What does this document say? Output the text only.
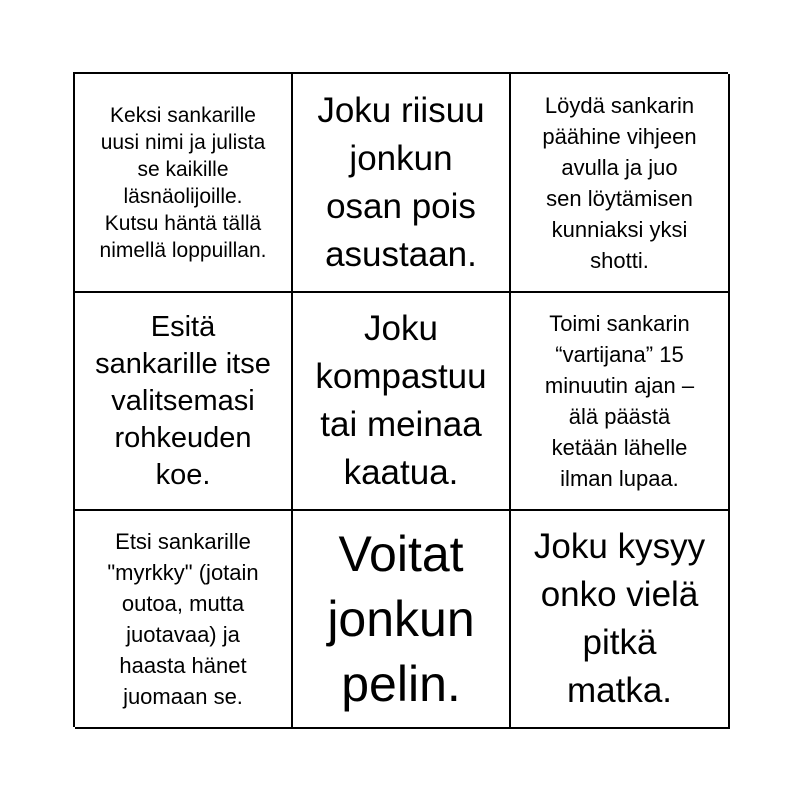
Keksi sankarille
uusi nimi ja julista
se kaikille
läsnäolijoille.
Kutsu häntä tällä
nimellä loppuillan.
Joku riisuu
jonkun
osan pois
asustaan.
Löydä sankarin
päähine vihjeen
avulla ja juo
sen löytämisen
kunniaksi yksi
shotti.
Esitä
sankarille itse
valitsemasi
rohkeuden
koe.
Joku
kompastuu
tai meinaa
kaatua.
Toimi sankarin
“vartijana” 15
minuutin ajan –
älä päästä
ketään lähelle
ilman lupaa.
Etsi sankarille
"myrkky" (jotain
outoa, mutta
juotavaa) ja
haasta hänet
juomaan se.
Voitat
jonkun
pelin.
Joku kysyy
onko vielä
pitkä
matka.
